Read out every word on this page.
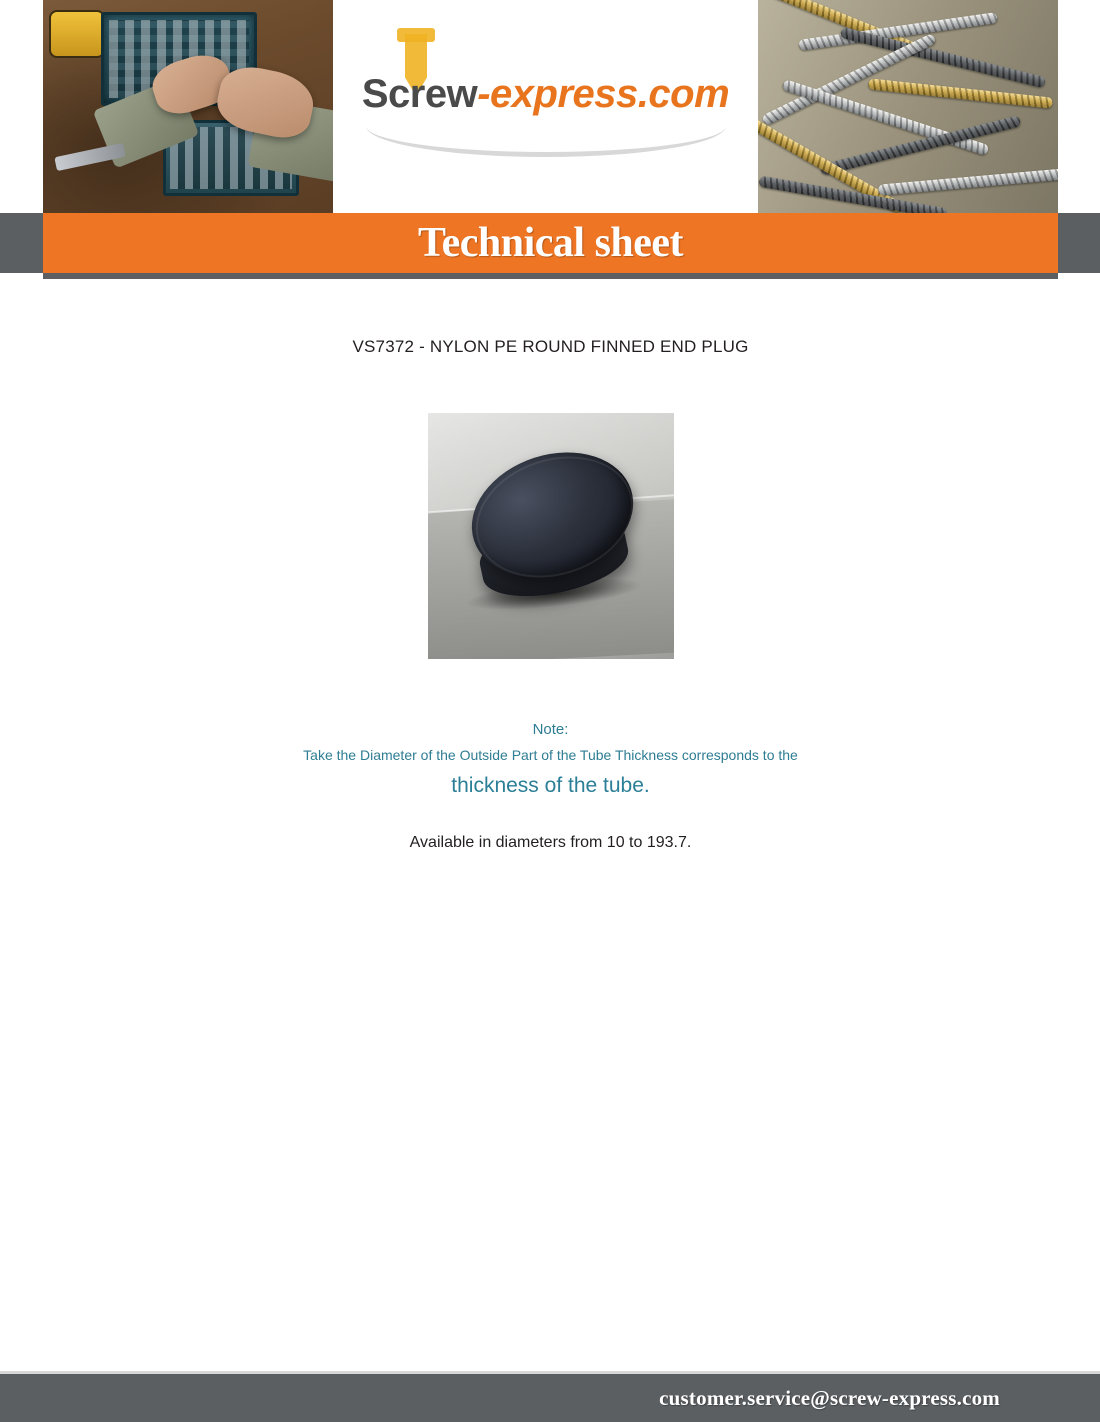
Screw-express.com
Technical sheet
VS7372 - NYLON PE ROUND FINNED END PLUG
Note:
Take the Diameter of the Outside Part of the Tube Thickness corresponds to the
thickness of the tube.
Available in diameters from 10 to 193.7.
customer.service@screw-express.com
